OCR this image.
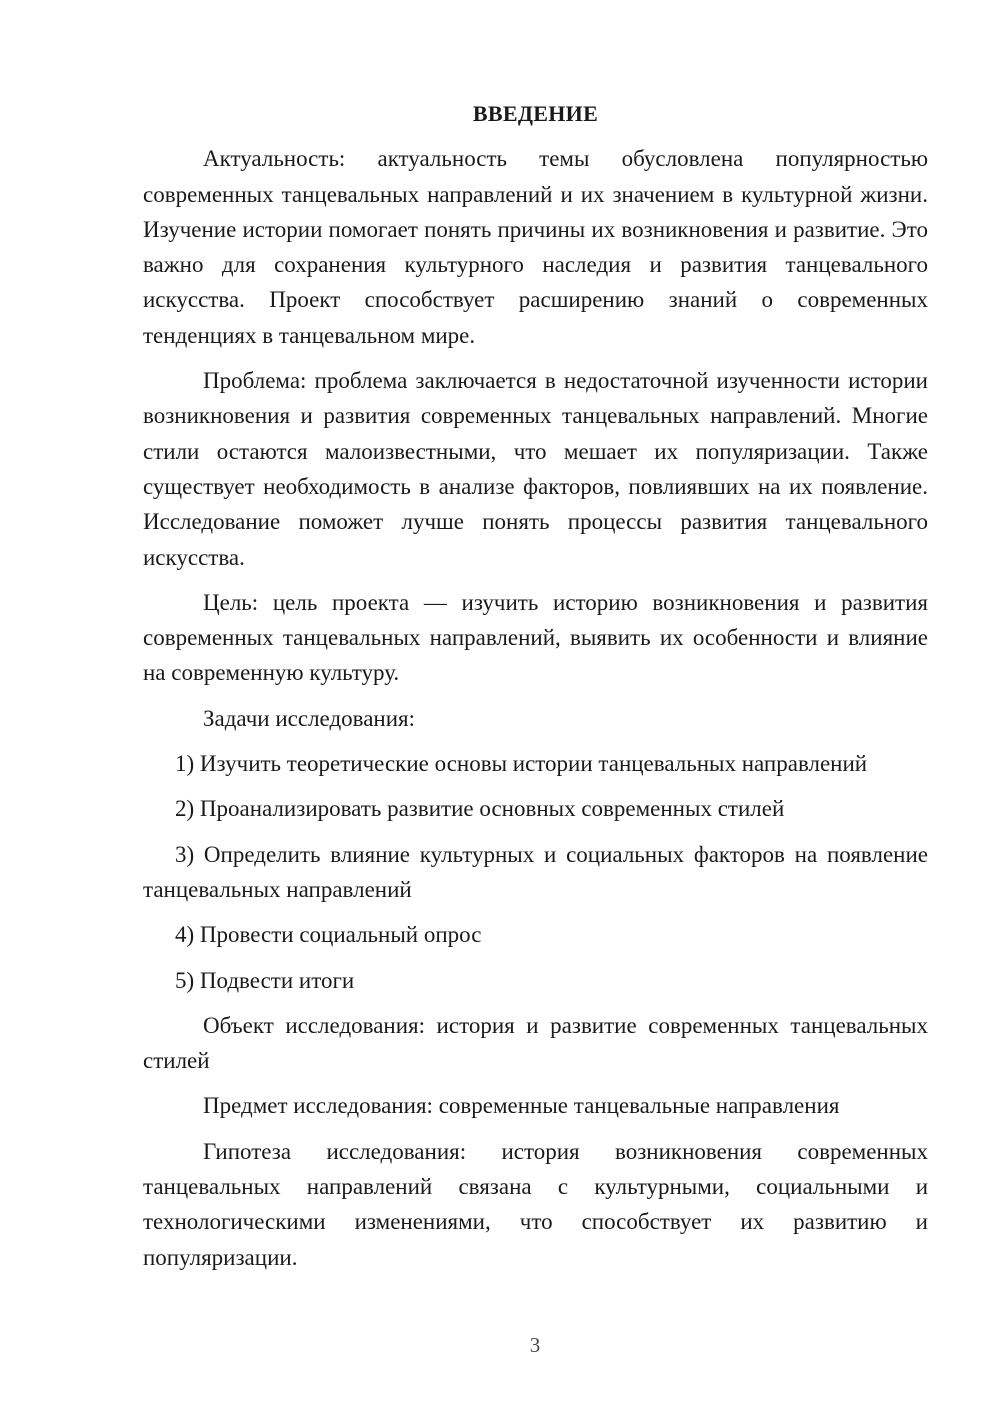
ВВЕДЕНИЕ

Актуальность: актуальность темы обусловлена популярностью современных танцевальных направлений и их значением в культурной жизни. Изучение истории помогает понять причины их возникновения и развитие. Это важно для сохранения культурного наследия и развития танцевального искусства. Проект способствует расширению знаний о современных тенденциях в танцевальном мире.

Проблема: проблема заключается в недостаточной изученности истории возникновения и развития современных танцевальных направлений. Многие стили остаются малоизвестными, что мешает их популяризации. Также существует необходимость в анализе факторов, повлиявших на их появление. Исследование поможет лучше понять процессы развития танцевального искусства.

Цель: цель проекта — изучить историю возникновения и развития современных танцевальных направлений, выявить их особенности и влияние на современную культуру.

Задачи исследования:

1) Изучить теоретические основы истории танцевальных направлений

2) Проанализировать развитие основных современных стилей

3) Определить влияние культурных и социальных факторов на появление танцевальных направлений

4) Провести социальный опрос

5) Подвести итоги

Объект исследования: история и развитие современных танцевальных стилей

Предмет исследования: современные танцевальные направления

Гипотеза исследования: история возникновения современных танцевальных направлений связана с культурными, социальными и технологическими изменениями, что способствует их развитию и популяризации.

3
